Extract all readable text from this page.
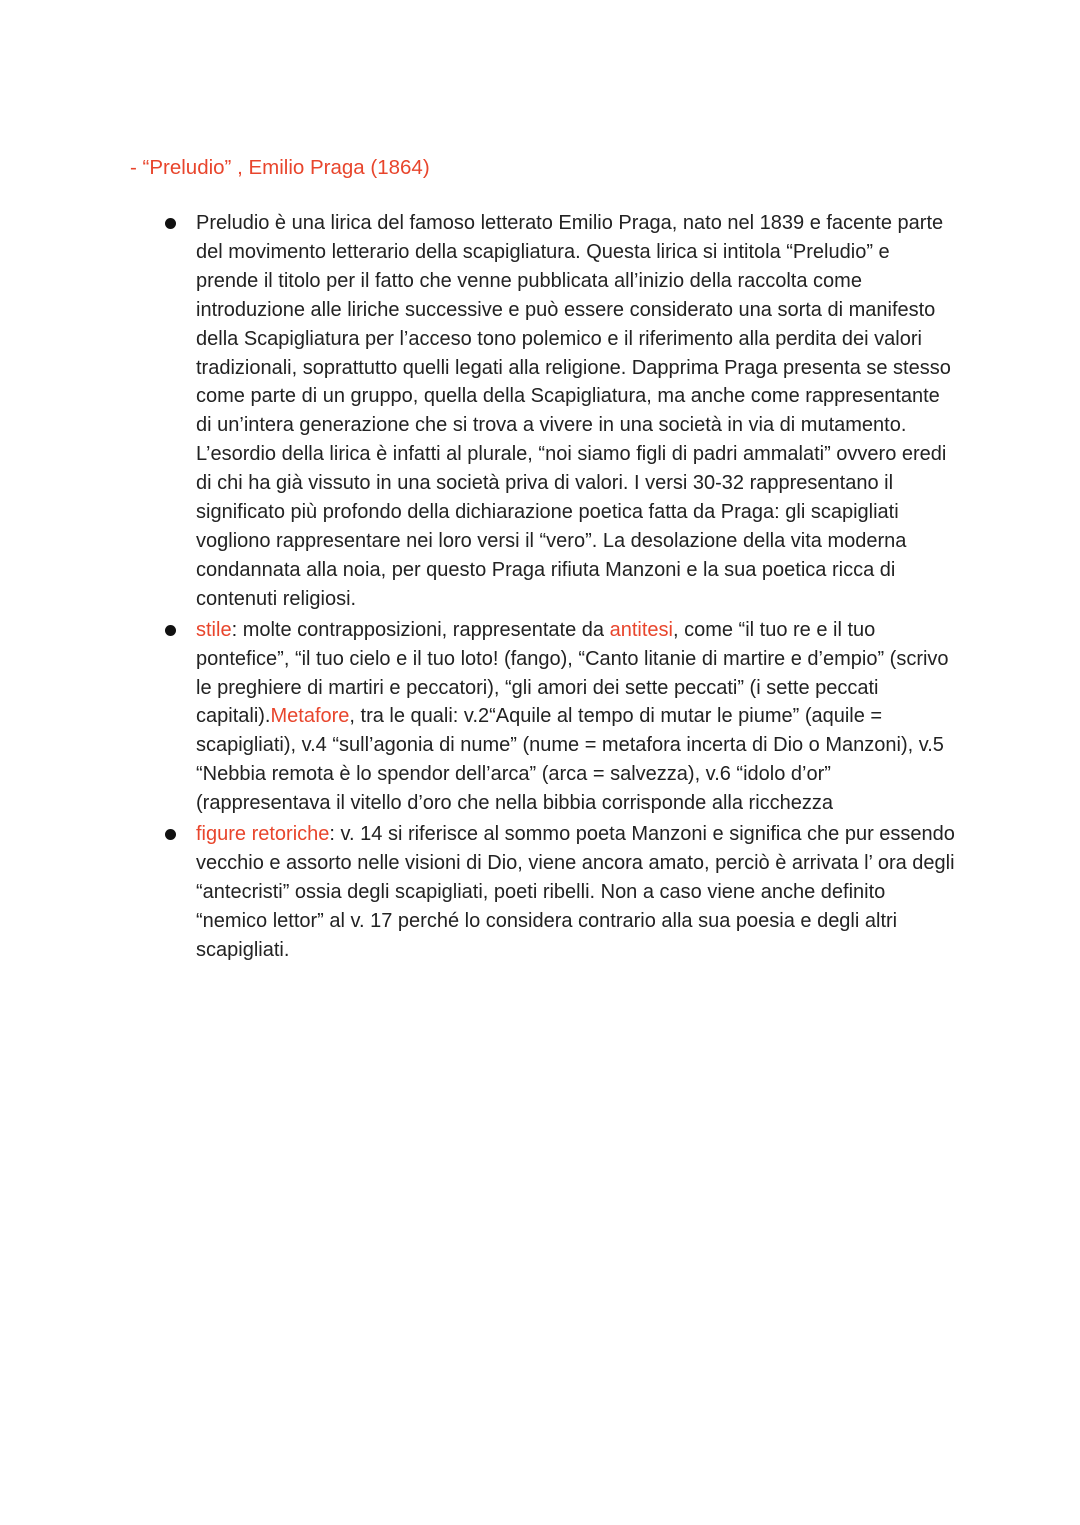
- “Preludio” , Emilio Praga (1864)
Preludio è una lirica del famoso letterato Emilio Praga, nato nel 1839 e facente parte del movimento letterario della scapigliatura. Questa lirica si intitola “Preludio” e prende il titolo per il fatto che venne pubblicata all’inizio della raccolta come introduzione alle liriche successive e può essere considerato una sorta di manifesto della Scapigliatura per l’acceso tono polemico e il riferimento alla perdita dei valori tradizionali, soprattutto quelli legati alla religione. Dapprima Praga presenta se stesso come parte di un gruppo, quella della Scapigliatura, ma anche come rappresentante di un’intera generazione che si trova a vivere in una società in via di mutamento. L’esordio della lirica è infatti al plurale, “noi siamo figli di padri ammalati” ovvero eredi di chi ha già vissuto in una società priva di valori. I versi 30-32 rappresentano il significato più profondo della dichiarazione poetica fatta da Praga: gli scapigliati vogliono rappresentare nei loro versi il “vero”. La desolazione della vita moderna condannata alla noia, per questo Praga rifiuta Manzoni e la sua poetica ricca di contenuti religiosi.
stile: molte contrapposizioni, rappresentate da antitesi, come “il tuo re e il tuo pontefice”, “il tuo cielo e il tuo loto! (fango), “Canto litanie di martire e d’empio” (scrivo le preghiere di martiri e peccatori), “gli amori dei sette peccati” (i sette peccati capitali).Metafore, tra le quali: v.2“Aquile al tempo di mutar le piume” (aquile = scapigliati), v.4 “sull’agonia di nume” (nume = metafora incerta di Dio o Manzoni), v.5 “Nebbia remota è lo spendor dell’arca” (arca = salvezza), v.6 “idolo d’or” (rappresentava il vitello d’oro che nella bibbia corrisponde alla ricchezza
figure retoriche: v. 14 si riferisce al sommo poeta Manzoni e significa che pur essendo vecchio e assorto nelle visioni di Dio, viene ancora amato, perciò è arrivata l’ ora degli “antecristi” ossia degli scapigliati, poeti ribelli. Non a caso viene anche definito “nemico lettor” al v. 17 perché lo considera contrario alla sua poesia e degli altri scapigliati.
